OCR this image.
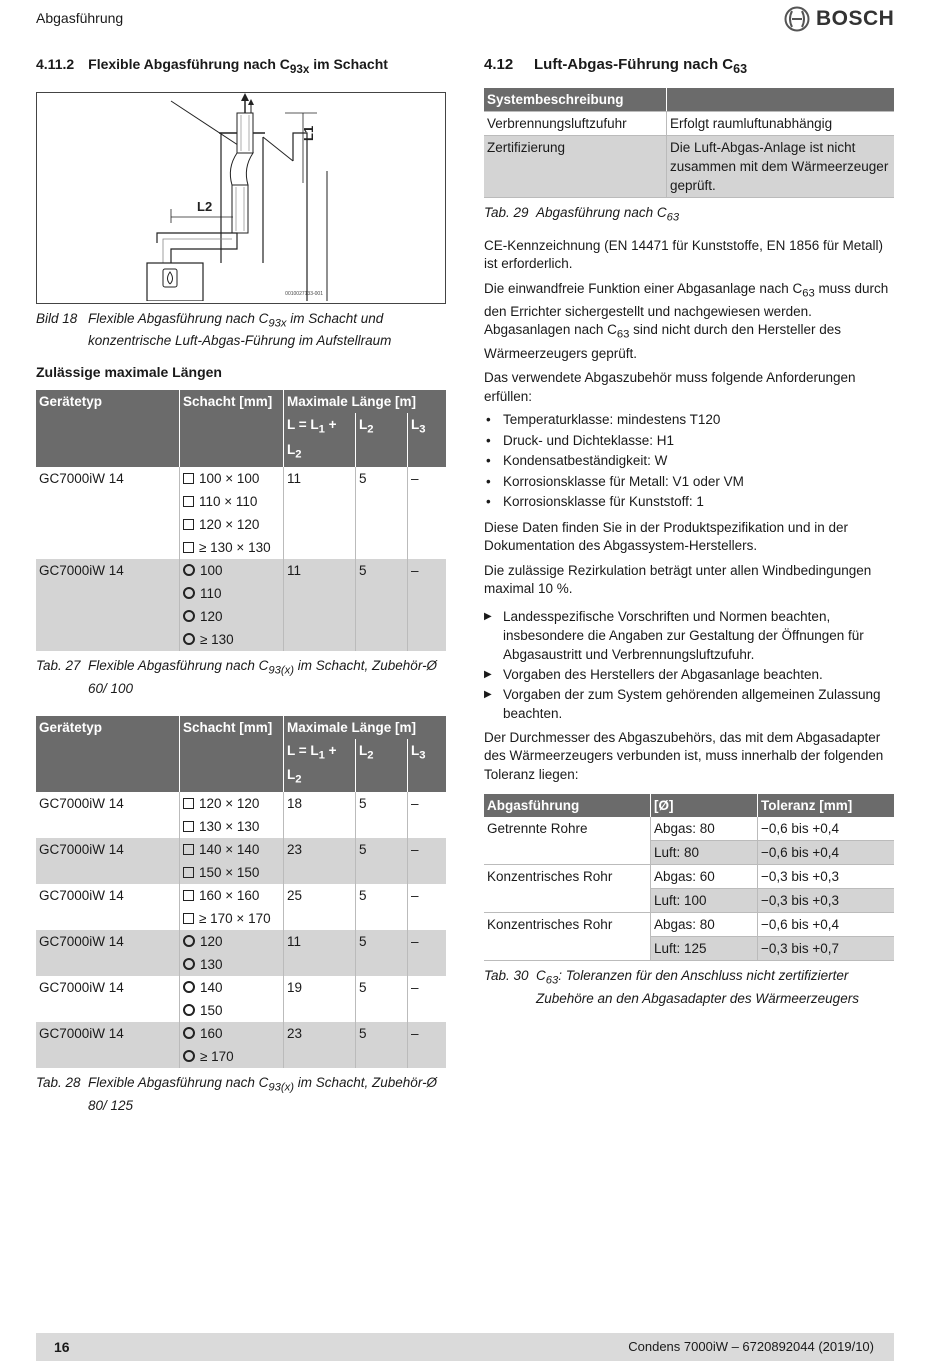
Abgasführung	BOSCH
4.11.2 Flexible Abgasführung nach $C_{93x}$ im Schacht
L1
L2
0010027133-001
Bild 18 Flexible Abgasführung nach $C_{93x}$ im Schacht und konzentrische Luft-Abgas-Führung im Aufstellraum
Zulässige maximale Längen
Gerätetyp	Schacht [mm]	Maximale Länge [m]		
		$L = L_1 + L_2$	$L_2$	$L_3$
GC7000iW 14	100 × 100	11	5	–
	110 × 110			
	120 × 120			
	≥ 130 × 130			
GC7000iW 14	100	11	5	–
	110			
	120			
	≥ 130			
Tab. 27 Flexible Abgasführung nach $C_{93(x)}$ im Schacht, Zubehör-Ø 60/ 100
Gerätetyp	Schacht [mm]	Maximale Länge [m]		
		$L = L_1 + L_2$	$L_2$	$L_3$
GC7000iW 14	120 × 120	18	5	–
	130 × 130			
GC7000iW 14	140 × 140	23	5	–
	150 × 150			
GC7000iW 14	160 × 160	25	5	–
	≥ 170 × 170			
GC7000iW 14	120	11	5	–
	130			
GC7000iW 14	140	19	5	–
	150			
GC7000iW 14	160	23	5	–
	≥ 170			
Tab. 28 Flexible Abgasführung nach $C_{93(x)}$ im Schacht, Zubehör-Ø 80/ 125
4.12 Luft-Abgas-Führung nach $C_{63}$
Systembeschreibung	
Verbrennungsluftzufuhr	Erfolgt raumluftunabhängig
Zertifizierung	Die Luft-Abgas-Anlage ist nicht zusammen mit dem Wärmeerzeuger geprüft.
Tab. 29 Abgasführung nach $C_{63}$

CE-Kennzeichnung (EN 14471 für Kunststoffe, EN 1856 für Metall) ist erforderlich.

Die einwandfreie Funktion einer Abgasanlage nach $C_{63}$ muss durch den Errichter sichergestellt und nachgewiesen werden. Abgasanlagen nach $C_{63}$ sind nicht durch den Hersteller des Wärmeerzeugers geprüft.

Das verwendete Abgaszubehör muss folgende Anforderungen erfüllen:

• Temperaturklasse: mindestens T120
• Druck- und Dichteklasse: H1
• Kondensatbeständigkeit: W
• Korrosionsklasse für Metall: V1 oder VM
• Korrosionsklasse für Kunststoff: 1

Diese Daten finden Sie in der Produktspezifikation und in der Dokumentation des Abgassystem-Herstellers.

Die zulässige Rezirkulation beträgt unter allen Windbedingungen maximal 10 %.

▶ Landesspezifische Vorschriften und Normen beachten, insbesondere die Angaben zur Gestaltung der Öffnungen für Abgasaustritt und Verbrennungsluftzufuhr.
▶ Vorgaben des Herstellers der Abgasanlage beachten.
▶ Vorgaben der zum System gehörenden allgemeinen Zulassung beachten.

Der Durchmesser des Abgaszubehörs, das mit dem Abgasadapter des Wärmeerzeugers verbunden ist, muss innerhalb der folgenden Toleranz liegen:

Abgasführung	[Ø]	Toleranz [mm]
Getrennte Rohre	Abgas: 80	−0,6 bis +0,4
	Luft: 80	−0,6 bis +0,4
Konzentrisches Rohr	Abgas: 60	−0,3 bis +0,3
	Luft: 100	−0,3 bis +0,3
Konzentrisches Rohr	Abgas: 80	−0,6 bis +0,4
	Luft: 125	−0,3 bis +0,7
Tab. 30 $C_{63}$: Toleranzen für den Anschluss nicht zertifizierter Zubehöre an den Abgasadapter des Wärmeerzeugers
16	Condens 7000iW – 6720892044 (2019/10)
